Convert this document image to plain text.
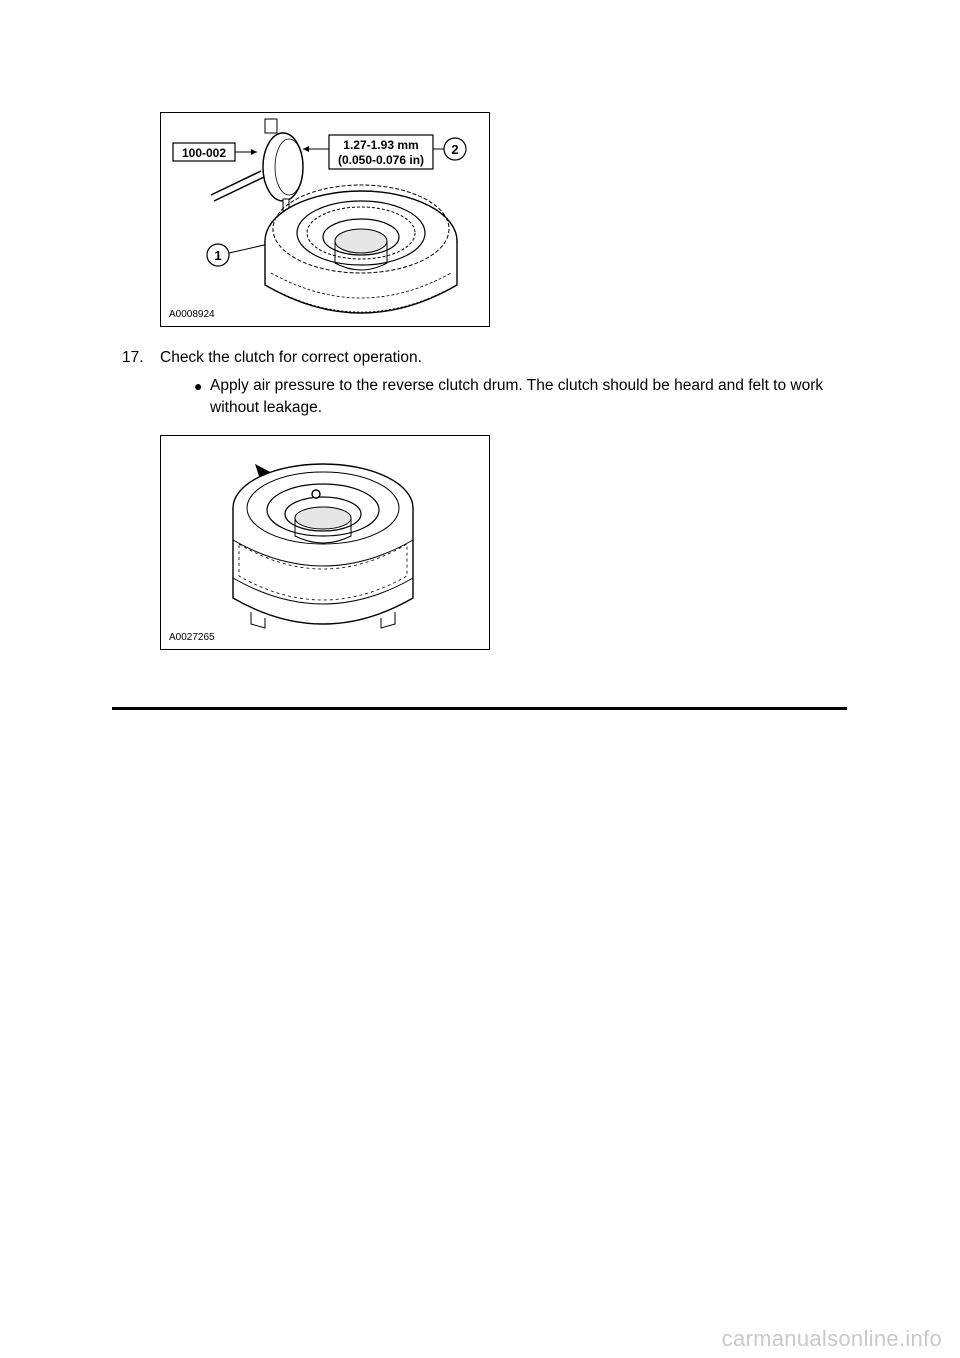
100-002
1.27-1.93 mm
(0.050-0.076 in)
2
1
A0008924
17. Check the clutch for correct operation.
● Apply air pressure to the reverse clutch drum. The clutch should be heard and felt to work without leakage.
A0027265
carmanualsonline.info
